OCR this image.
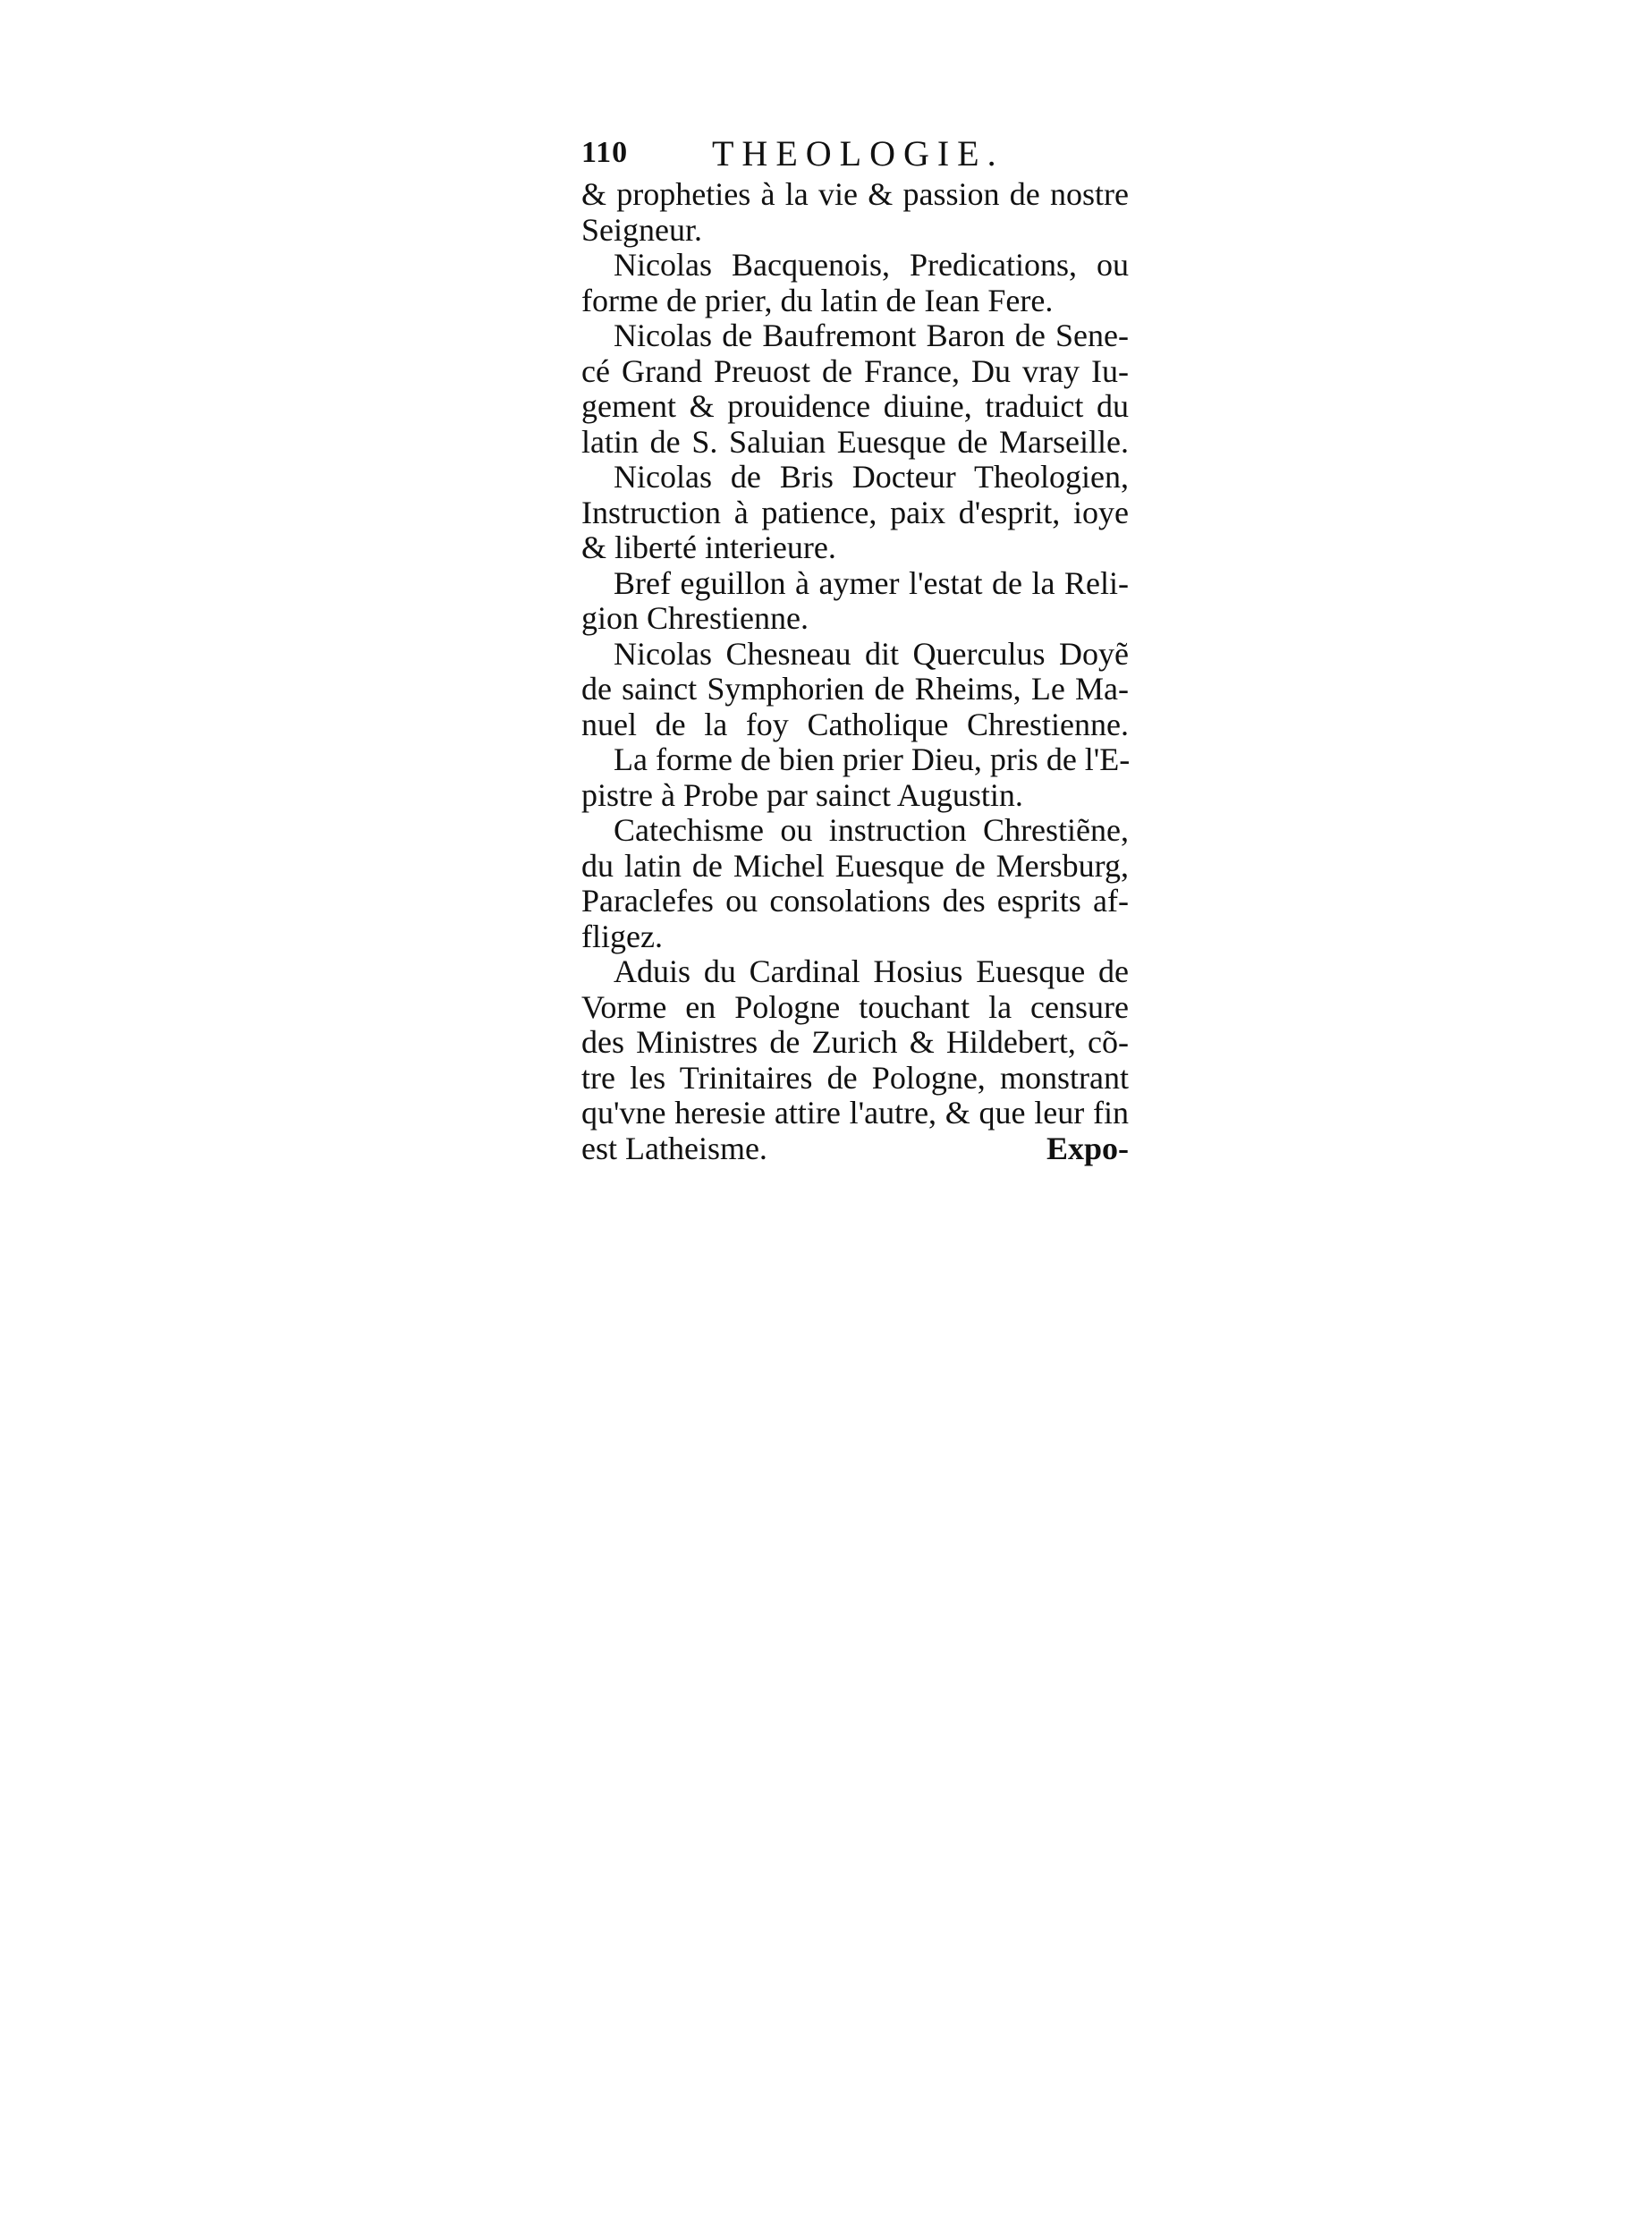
110 THEOLOGIE.
& propheties à la vie & passion de nostre
Seigneur.
Nicolas Bacquenois, Predications, ou
forme de prier, du latin de Iean Fere.
Nicolas de Baufremont Baron de Sene-
cé Grand Preuost de France, Du vray Iu-
gement & prouidence diuine, traduict du
latin de S. Saluian Euesque de Marseille.
Nicolas de Bris Docteur Theologien,
Instruction à patience, paix d'esprit, ioye
& liberté interieure.
Bref eguillon à aymer l'estat de la Reli-
gion Chrestienne.
Nicolas Chesneau dit Querculus Doyẽ
de sainct Symphorien de Rheims, Le Ma-
nuel de la foy Catholique Chrestienne.
La forme de bien prier Dieu, pris de l'E-
pistre à Probe par sainct Augustin.
Catechisme ou instruction Chrestiẽne,
du latin de Michel Euesque de Mersburg,
Paraclefes ou consolations des esprits af-
fligez.
Aduis du Cardinal Hosius Euesque de
Vorme en Pologne touchant la censure
des Ministres de Zurich & Hildebert, cõ-
tre les Trinitaires de Pologne, monstrant
qu'vne heresie attire l'autre, & que leur fin
est Latheisme.	Expo-
